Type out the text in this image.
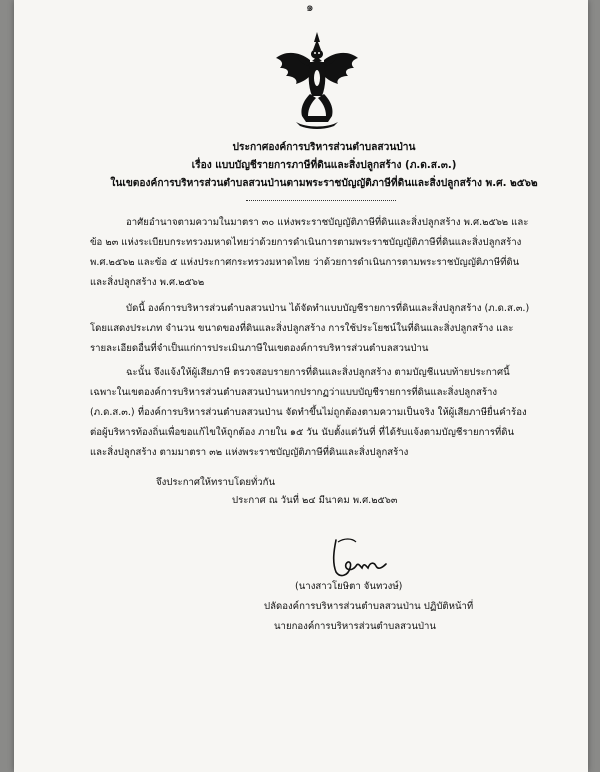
๑
ประกาศองค์การบริหารส่วนตำบลสวนป่าน
เรื่อง แบบบัญชีรายการภาษีที่ดินและสิ่งปลูกสร้าง (ภ.ด.ส.๓.)
ในเขตองค์การบริหารส่วนตำบลสวนป่านตามพระราชบัญญัติภาษีที่ดินและสิ่งปลูกสร้าง พ.ศ. ๒๕๖๒
อาศัยอำนาจตามความในมาตรา ๓๐ แห่งพระราชบัญญัติภาษีที่ดินและสิ่งปลูกสร้าง พ.ศ.๒๕๖๒ และ
ข้อ ๒๓ แห่งระเบียบกระทรวงมหาดไทยว่าด้วยการดำเนินการตามพระราชบัญญัติภาษีที่ดินและสิ่งปลูกสร้าง
พ.ศ.๒๕๖๒ และข้อ ๕ แห่งประกาศกระทรวงมหาดไทย ว่าด้วยการดำเนินการตามพระราชบัญญัติภาษีที่ดิน
และสิ่งปลูกสร้าง พ.ศ.๒๕๖๒
บัดนี้ องค์การบริหารส่วนตำบลสวนป่าน ได้จัดทำแบบบัญชีรายการที่ดินและสิ่งปลูกสร้าง (ภ.ด.ส.๓.)
โดยแสดงประเภท จำนวน ขนาดของที่ดินและสิ่งปลูกสร้าง การใช้ประโยชน์ในที่ดินและสิ่งปลูกสร้าง และ
รายละเอียดอื่นที่จำเป็นแก่การประเมินภาษีในเขตองค์การบริหารส่วนตำบลสวนป่าน
ฉะนั้น จึงแจ้งให้ผู้เสียภาษี ตรวจสอบรายการที่ดินและสิ่งปลูกสร้าง ตามบัญชีแนบท้ายประกาศนี้
เฉพาะในเขตองค์การบริหารส่วนตำบลสวนป่านหากปรากฏว่าแบบบัญชีรายการที่ดินและสิ่งปลูกสร้าง
(ภ.ด.ส.๓.) ที่องค์การบริหารส่วนตำบลสวนป่าน จัดทำขึ้นไม่ถูกต้องตามความเป็นจริง ให้ผู้เสียภาษียื่นคำร้อง
ต่อผู้บริหารท้องถิ่นเพื่อขอแก้ไขให้ถูกต้อง ภายใน ๑๕ วัน นับตั้งแต่วันที่ ที่ได้รับแจ้งตามบัญชีรายการที่ดิน
และสิ่งปลูกสร้าง ตามมาตรา ๓๒ แห่งพระราชบัญญัติภาษีที่ดินและสิ่งปลูกสร้าง
จึงประกาศให้ทราบโดยทั่วกัน
ประกาศ ณ วันที่ ๒๔ มีนาคม พ.ศ.๒๕๖๓
(นางสาวโยษิตา จันทวงษ์)
ปลัดองค์การบริหารส่วนตำบลสวนป่าน ปฏิบัติหน้าที่
นายกองค์การบริหารส่วนตำบลสวนป่าน
